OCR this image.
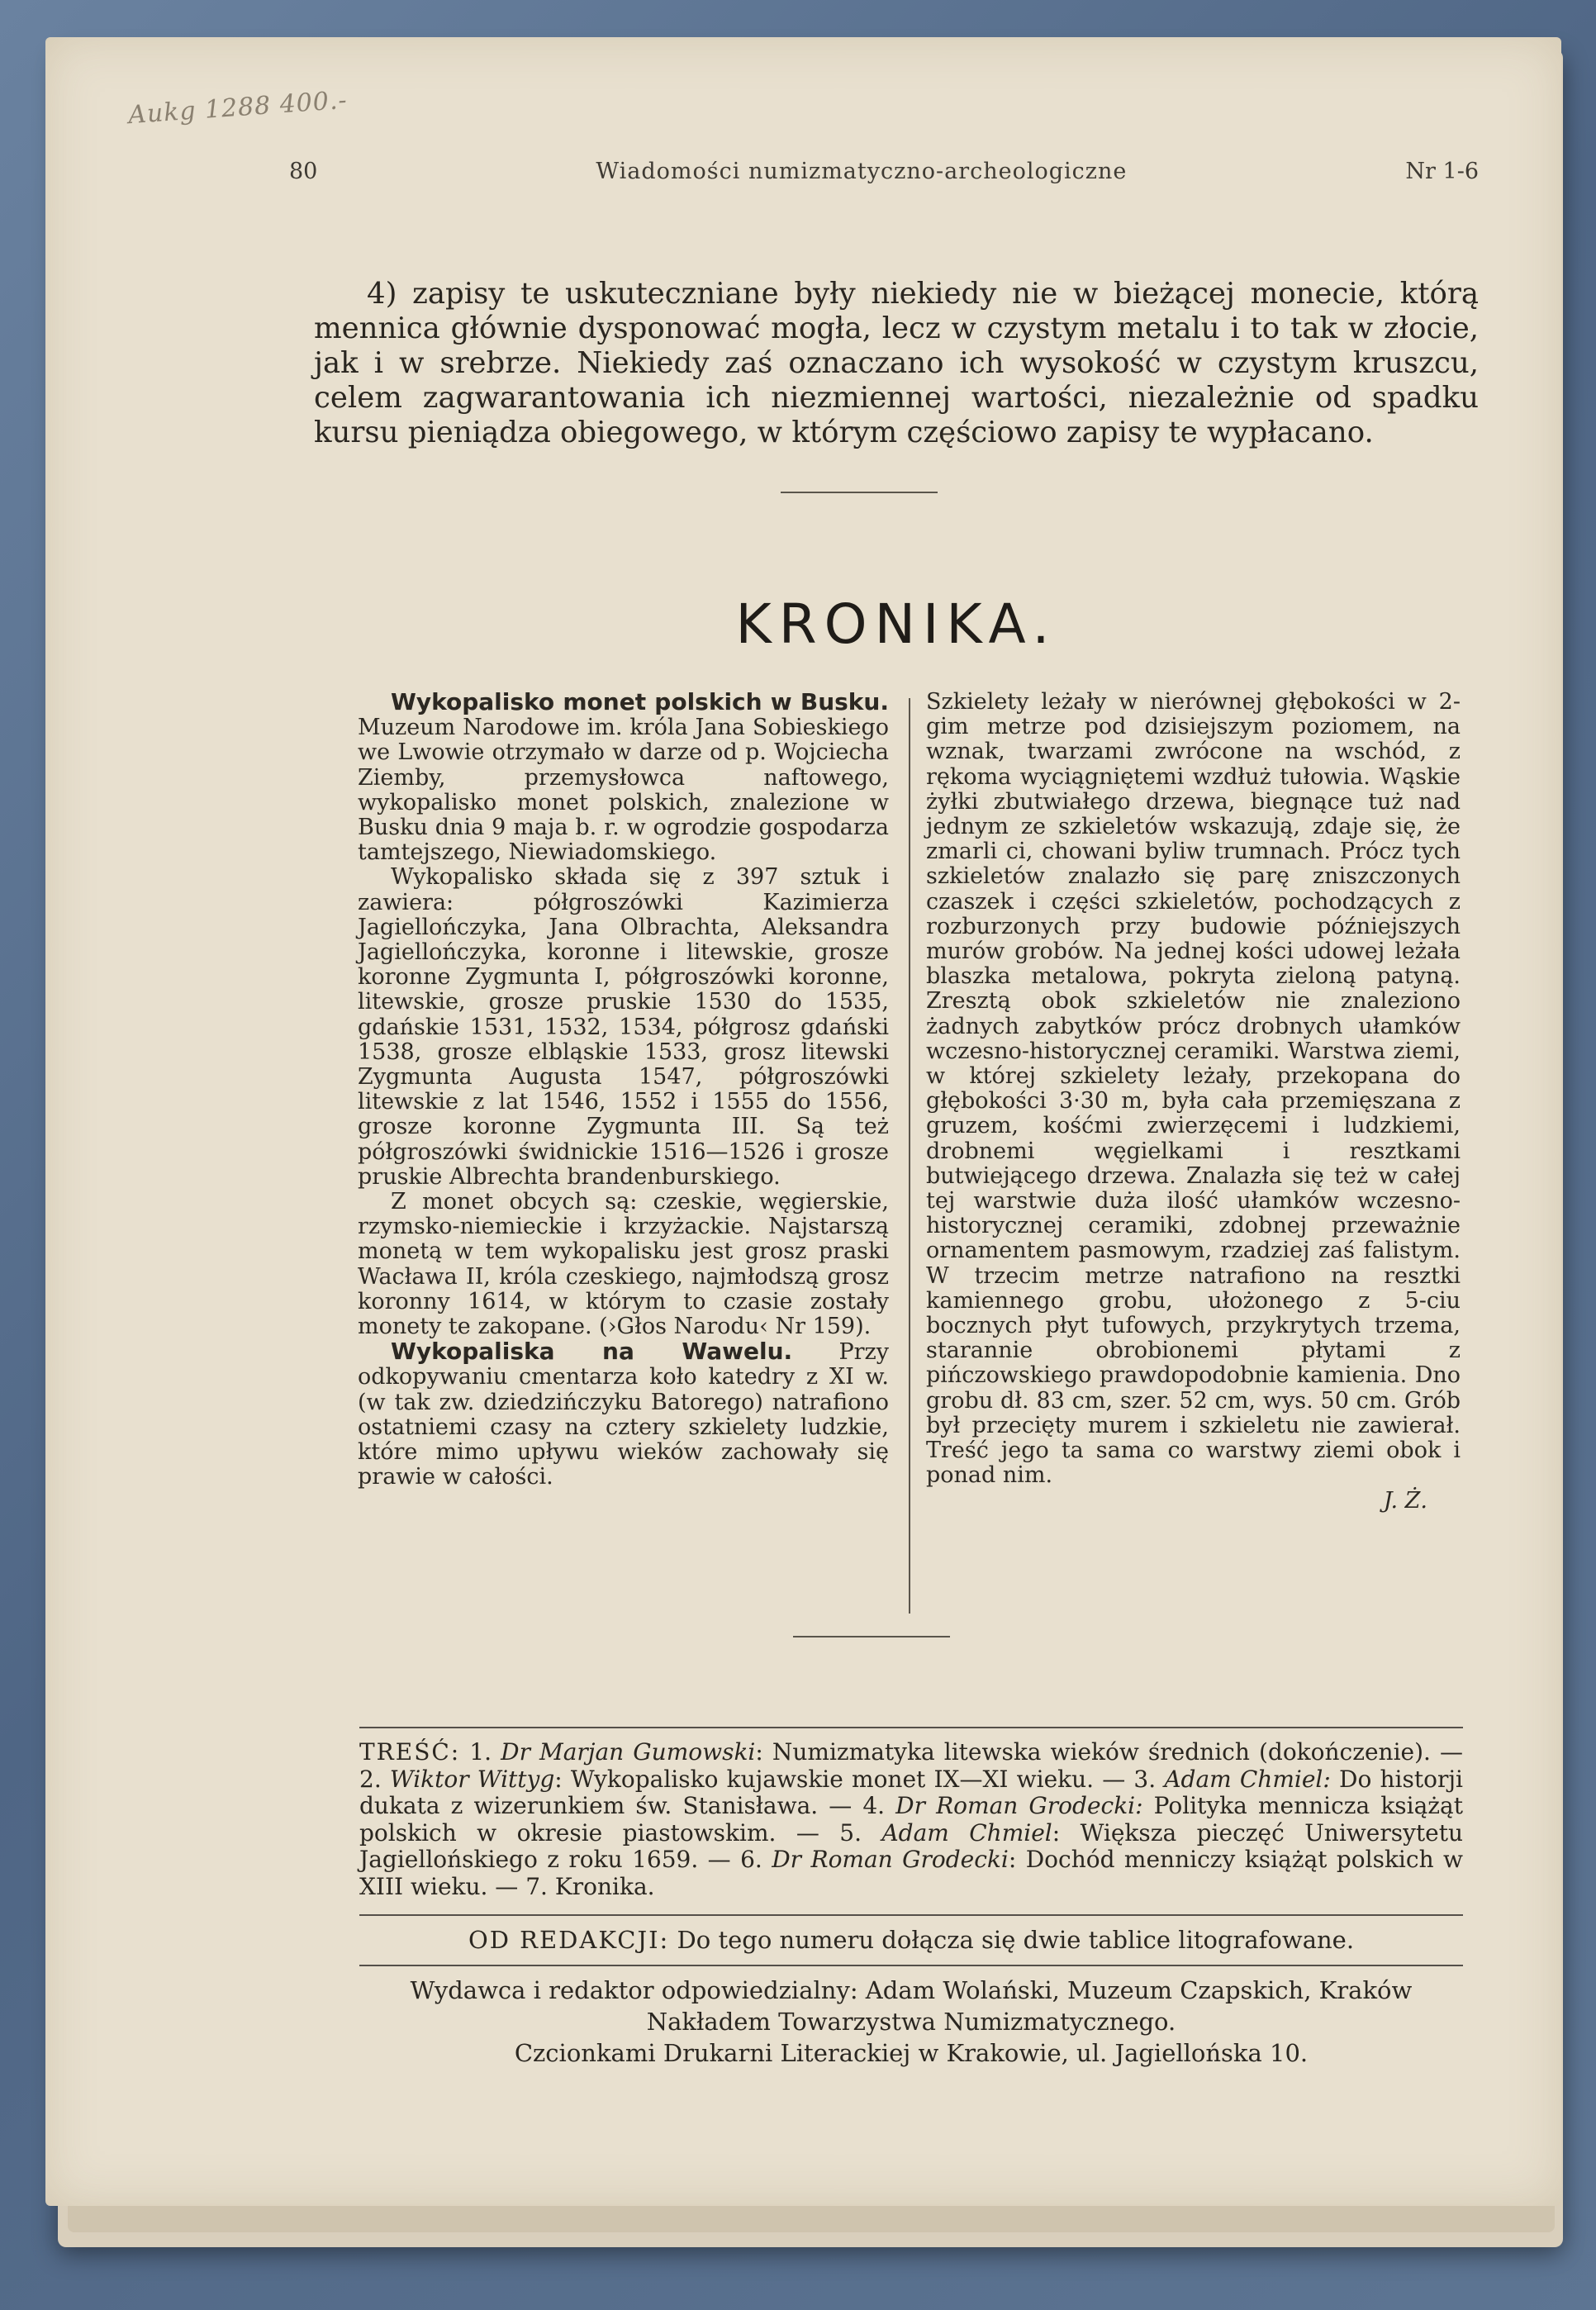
Aukg 1288 400.-
80	Wiadomości numizmatyczno-archeologiczne	Nr 1-6

4) zapisy te uskuteczniane były niekiedy nie w bieżącej monecie, którą mennica głównie dysponować mogła, lecz w czystym metalu i to tak w złocie, jak i w srebrze. Niekiedy zaś oznaczano ich wysokość w czystym kruszcu, celem zagwarantowania ich niezmiennej wartości, niezależnie od spadku kursu pieniądza obiegowego, w którym częściowo zapisy te wypłacano.

KRONIKA.

Wykopalisko monet polskich w Busku. Muzeum Narodowe im. króla Jana Sobieskiego we Lwowie otrzymało w darze od p. Wojciecha Ziemby, przemysłowca naftowego, wykopalisko monet polskich, znalezione w Busku dnia 9 maja b. r. w ogrodzie gospodarza tamtejszego, Niewiadomskiego.

Wykopalisko składa się z 397 sztuk i zawiera: półgroszówki Kazimierza Jagiellończyka, Jana Olbrachta, Aleksandra Jagiellończyka, koronne i litewskie, grosze koronne Zygmunta I, półgroszówki koronne, litewskie, grosze pruskie 1530 do 1535, gdańskie 1531, 1532, 1534, półgrosz gdański 1538, grosze elbląskie 1533, grosz litewski Zygmunta Augusta 1547, półgroszówki litewskie z lat 1546, 1552 i 1555 do 1556, grosze koronne Zygmunta III. Są też półgroszówki świdnickie 1516—1526 i grosze pruskie Albrechta brandenburskiego.

Z monet obcych są: czeskie, węgierskie, rzymsko-niemieckie i krzyżackie. Najstarszą monetą w tem wykopalisku jest grosz praski Wacława II, króla czeskiego, najmłodszą grosz koronny 1614, w którym to czasie zostały monety te zakopane. (›Głos Narodu‹ Nr 159).

Wykopaliska na Wawelu. Przy odkopywaniu cmentarza koło katedry z XI w. (w tak zw. dziedzińczyku Batorego) natrafiono ostatniemi czasy na cztery szkielety ludzkie, które mimo upływu wieków zachowały się prawie w całości.

Szkielety leżały w nierównej głębokości w 2-gim metrze pod dzisiejszym poziomem, na wznak, twarzami zwrócone na wschód, z rękoma wyciągniętemi wzdłuż tułowia. Wąskie żyłki zbutwiałego drzewa, biegnące tuż nad jednym ze szkieletów wskazują, zdaje się, że zmarli ci, chowani byliw trumnach. Prócz tych szkieletów znalazło się parę zniszczonych czaszek i części szkieletów, pochodzących z rozburzonych przy budowie późniejszych murów grobów. Na jednej kości udowej leżała blaszka metalowa, pokryta zieloną patyną. Zresztą obok szkieletów nie znaleziono żadnych zabytków prócz drobnych ułamków wczesno-historycznej ceramiki. Warstwa ziemi, w której szkielety leżały, przekopana do głębokości 3·30 m, była cała przemięszana z gruzem, kośćmi zwierzęcemi i ludzkiemi, drobnemi węgielkami i resztkami butwiejącego drzewa. Znalazła się też w całej tej warstwie duża ilość ułamków wczesno-historycznej ceramiki, zdobnej przeważnie ornamentem pasmowym, rzadziej zaś falistym. W trzecim metrze natrafiono na resztki kamiennego grobu, ułożonego z 5-ciu bocznych płyt tufowych, przykrytych trzema, starannie obrobionemi płytami z pińczowskiego prawdopodobnie kamienia. Dno grobu dł. 83 cm, szer. 52 cm, wys. 50 cm. Grób był przecięty murem i szkieletu nie zawierał. Treść jego ta sama co warstwy ziemi obok i ponad nim.

J. Ż.

TREŚĆ: 1. Dr Marjan Gumowski: Numizmatyka litewska wieków średnich (dokończenie). — 2. Wiktor Wittyg: Wykopalisko kujawskie monet IX—XI wieku. — 3. Adam Chmiel: Do historji dukata z wizerunkiem św. Stanisława. — 4. Dr Roman Grodecki: Polityka mennicza książąt polskich w okresie piastowskim. — 5. Adam Chmiel: Większa pieczęć Uniwersytetu Jagiellońskiego z roku 1659. — 6. Dr Roman Grodecki: Dochód menniczy książąt polskich w XIII wieku. — 7. Kronika.

OD REDAKCJI: Do tego numeru dołącza się dwie tablice litografowane.

Wydawca i redaktor odpowiedzialny: Adam Wolański, Muzeum Czapskich, Kraków
Nakładem Towarzystwa Numizmatycznego.
Czcionkami Drukarni Literackiej w Krakowie, ul. Jagiellońska 10.
